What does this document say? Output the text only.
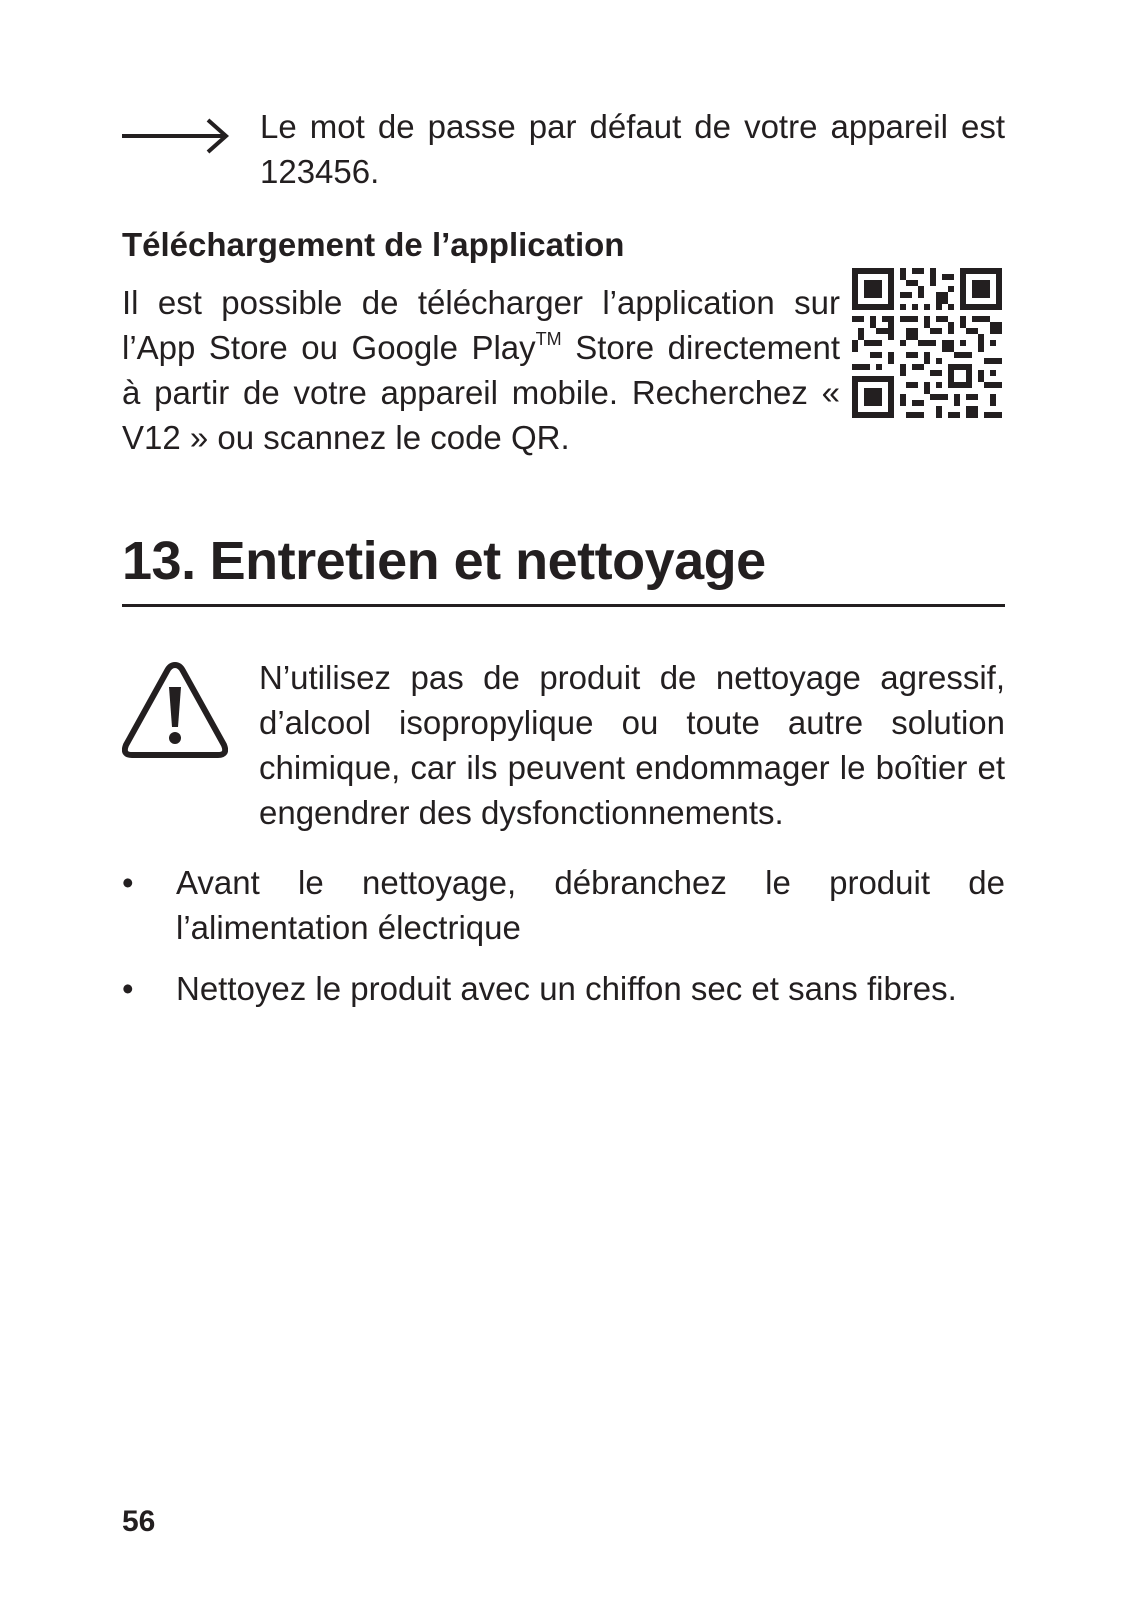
Le mot de passe par défaut de votre appareil est 123456.
Téléchargement de l’application
Il est possible de télécharger l’application sur l’App Store ou Google Play™ Store directement à partir de votre appareil mobile. Recherchez « V12 » ou scannez le code QR.
13. Entretien et nettoyage
N’utilisez pas de produit de nettoyage agressif, d’alcool isopropylique ou toute autre solution chimique, car ils peuvent endommager le boîtier et engendrer des dysfonctionnements.
• Avant le nettoyage, débranchez le produit de l’alimentation électrique
• Nettoyez le produit avec un chiffon sec et sans fibres.
56
